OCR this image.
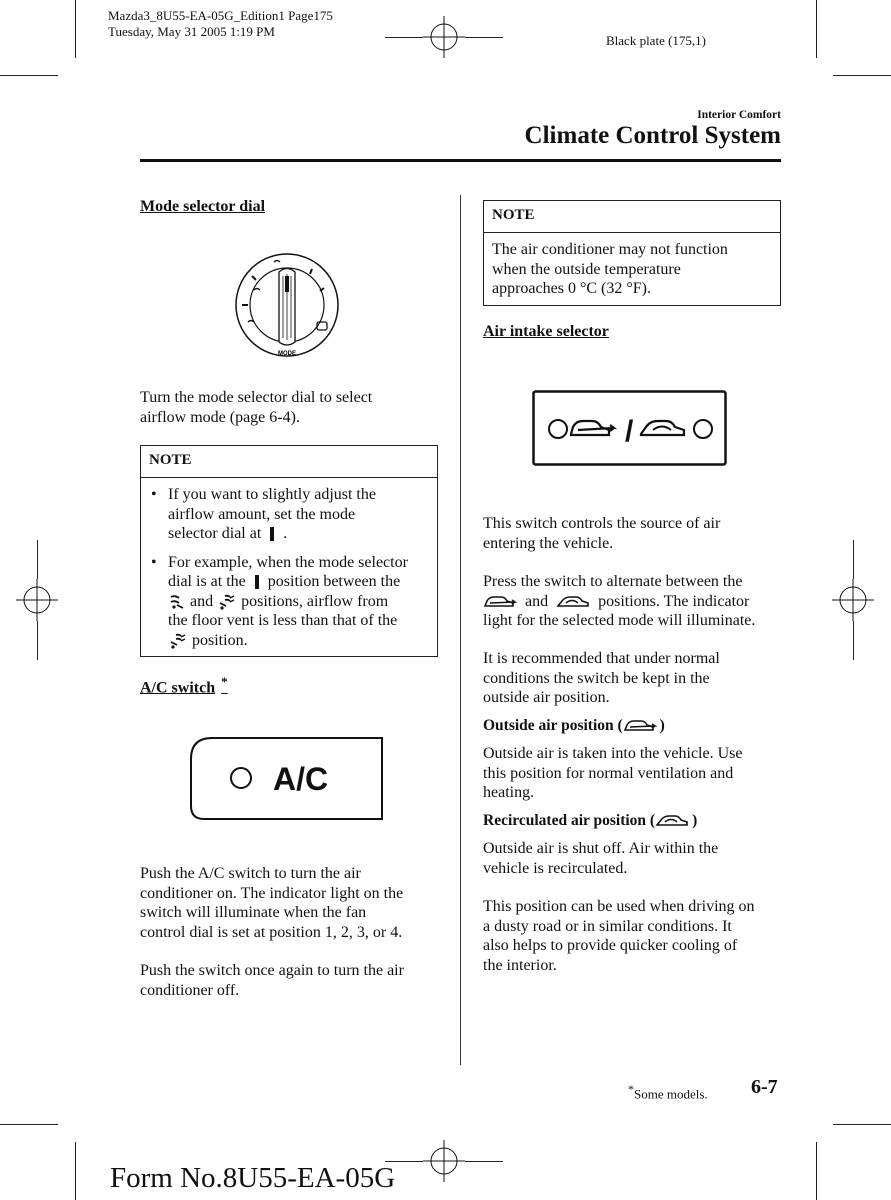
Mazda3_8U55-EA-05G_Edition1 Page175
Tuesday, May 31 2005 1:19 PM
Black plate (175,1)
Interior Comfort
Climate Control System
Mode selector dial
MODE
Turn the mode selector dial to select
airflow mode (page 6-4).
NOTE
• If you want to slightly adjust the
airflow amount, set the mode
selector dial at .
• For example, when the mode selector
dial is at the position between the
and positions, airflow from
the floor vent is less than that of the
position.
A/C switch *
A/C
Push the A/C switch to turn the air
conditioner on. The indicator light on the
switch will illuminate when the fan
control dial is set at position 1, 2, 3, or 4.
Push the switch once again to turn the air
conditioner off.
NOTE
The air conditioner may not function
when the outside temperature
approaches 0 °C (32 °F).
Air intake selector
/
This switch controls the source of air
entering the vehicle.
Press the switch to alternate between the
and	positions. The indicator
light for the selected mode will illuminate.
It is recommended that under normal
conditions the switch be kept in the
outside air position.
Outside air position ( )
Outside air is taken into the vehicle. Use
this position for normal ventilation and
heating.
Recirculated air position ( )
Outside air is shut off. Air within the
vehicle is recirculated.
This position can be used when driving on
a dusty road or in similar conditions. It
also helps to provide quicker cooling of
the interior.
*Some models. 6-7
Form No.8U55-EA-05G
